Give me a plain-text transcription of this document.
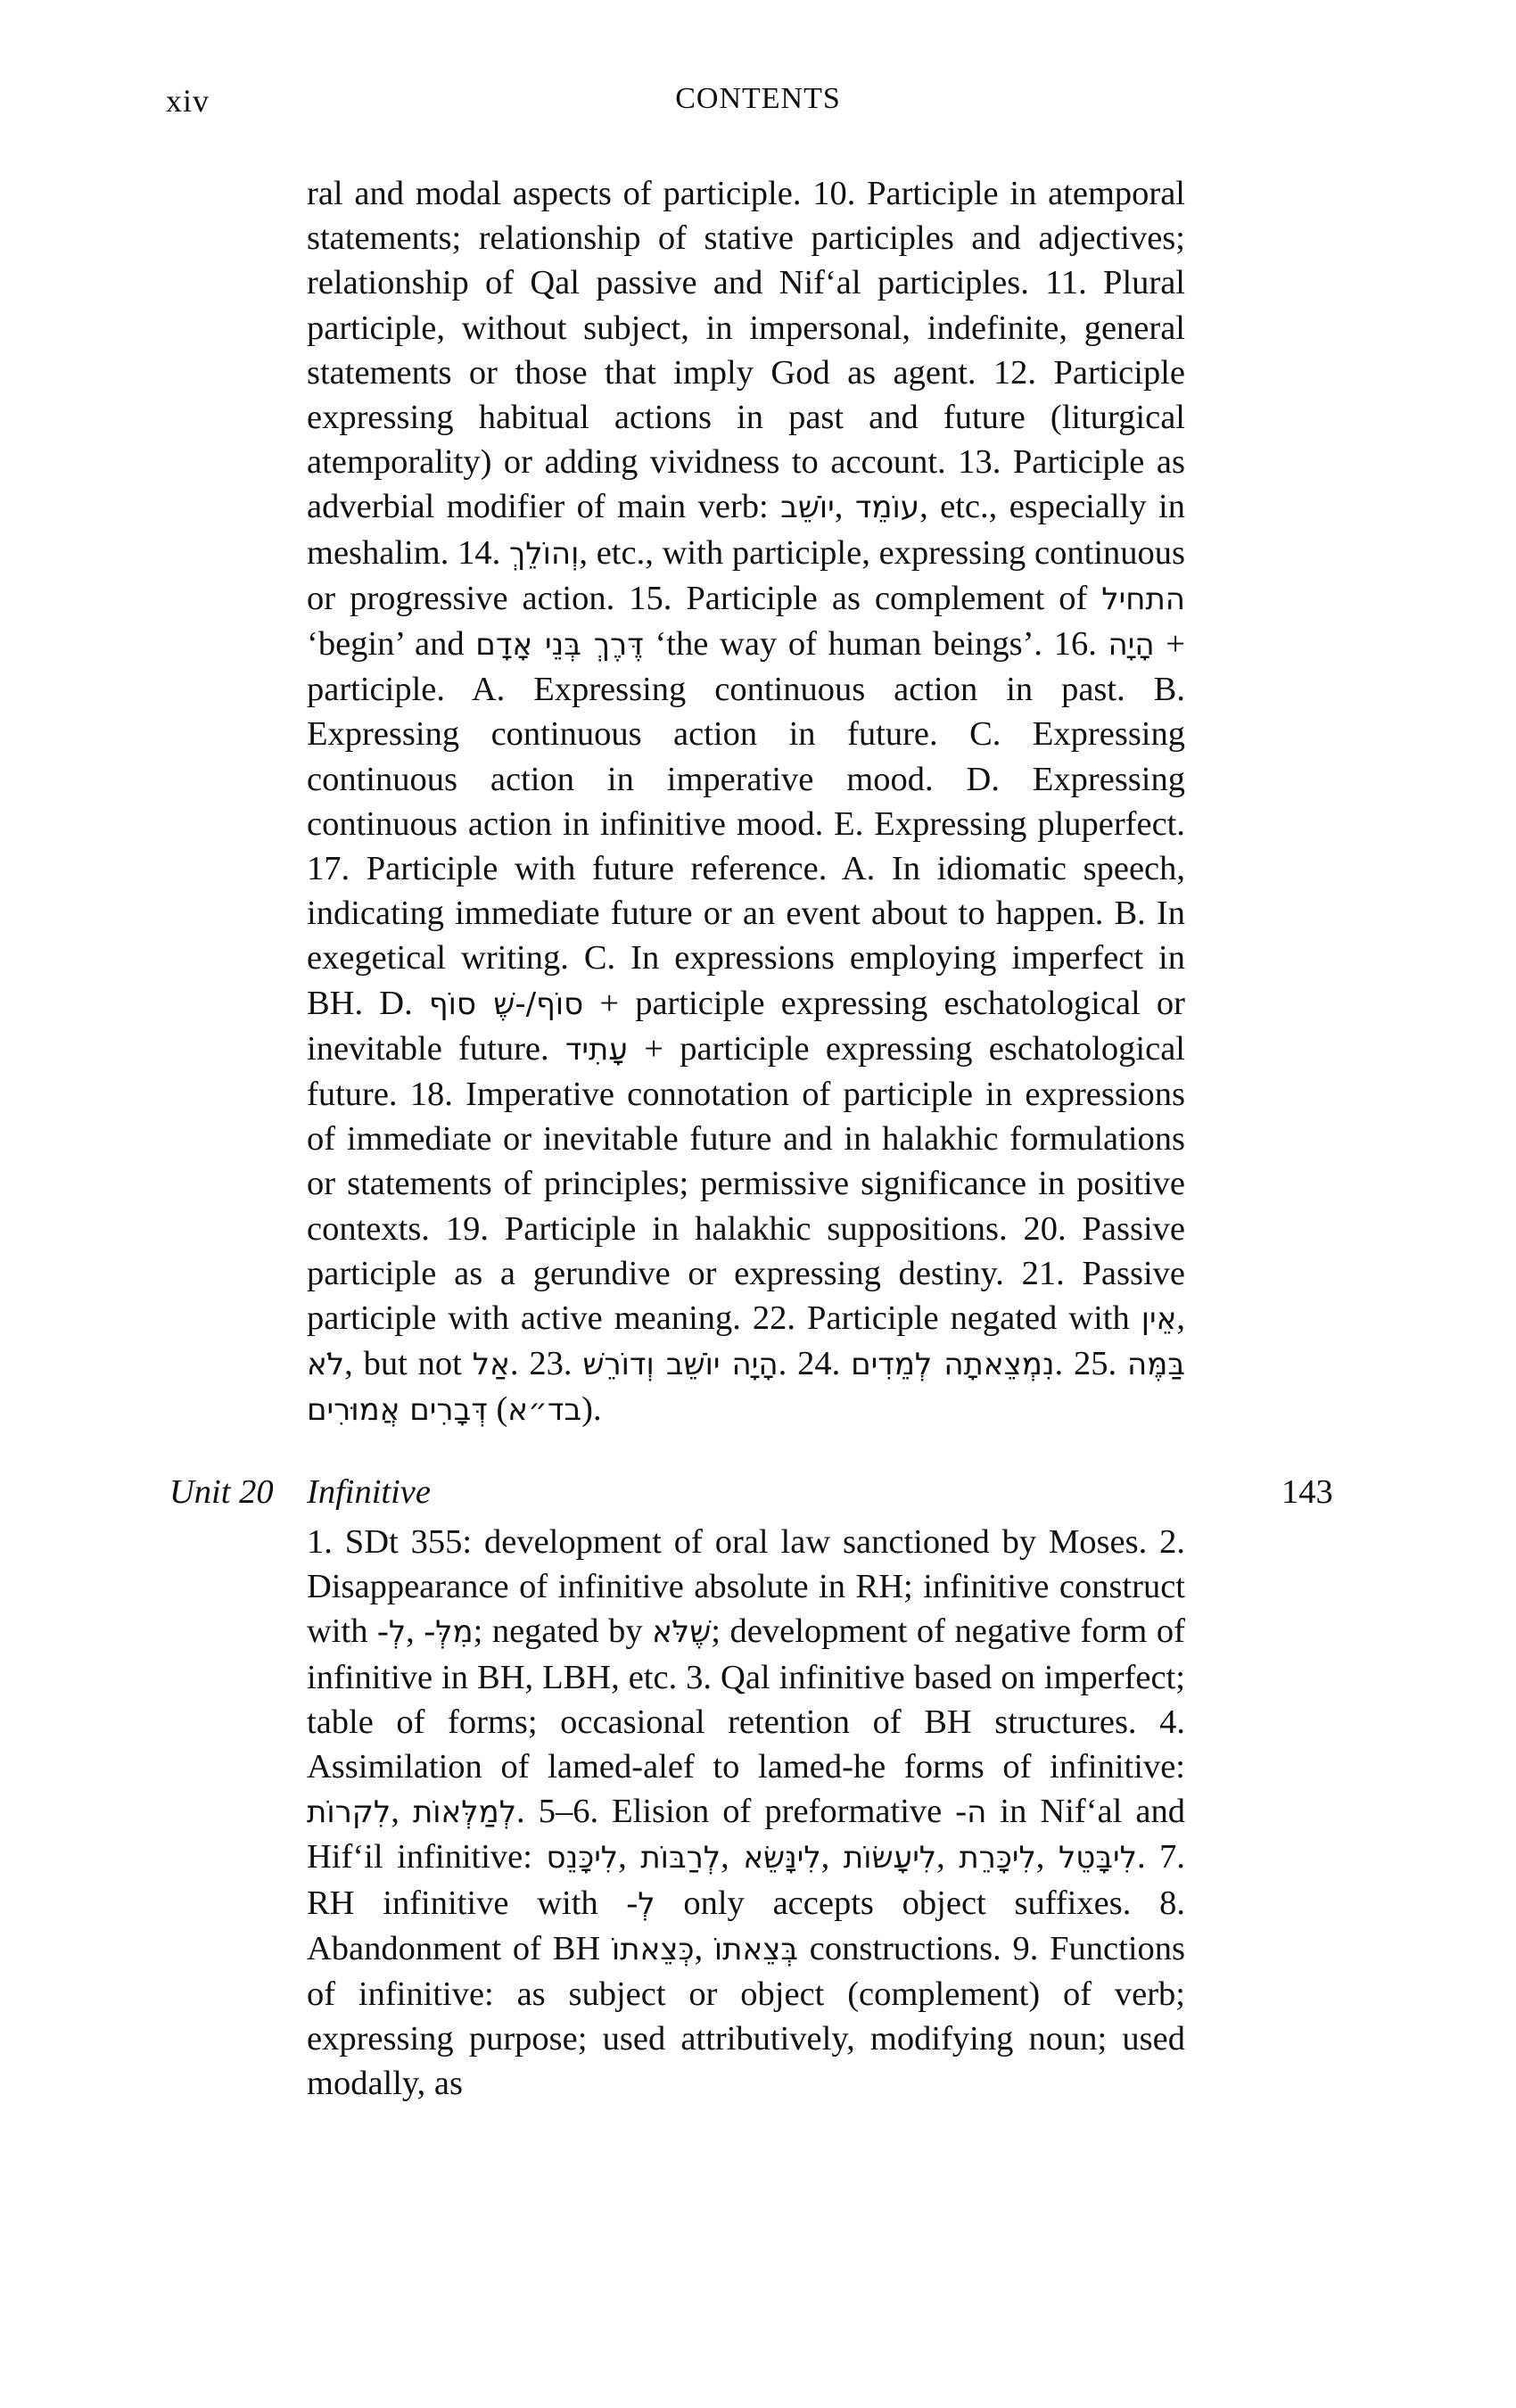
xiv	CONTENTS
ral and modal aspects of participle. 10. Participle in atemporal statements; relationship of stative participles and adjectives; relationship of Qal passive and Nif‘al participles. 11. Plural participle, without subject, in impersonal, indefinite, general statements or those that imply God as agent. 12. Participle expressing habitual actions in past and future (liturgical atemporality) or adding vividness to account. 13. Participle as adverbial modifier of main verb: יוֹשֵׁב, עוֹמֵד, etc., especially in meshalim. 14. וְהוֹלֵךְ, etc., with participle, expressing continuous or progressive action. 15. Participle as complement of התחיל ‘begin’ and דֶּרֶךְ בְּנֵי אָדָם ‘the way of human beings’. 16. הָיָה + participle. A. Expressing continuous action in past. B. Expressing continuous action in future. C. Expressing continuous action in imperative mood. D. Expressing continuous action in infinitive mood. E. Expressing pluperfect. 17. Participle with future reference. A. In idiomatic speech, indicating immediate future or an event about to happen. B. In exegetical writing. C. In expressions employing imperfect in BH. D. סוֹף/-שֶׁ סוֹף + participle expressing eschatological or inevitable future. עָתִיד + participle expressing eschatological future. 18. Imperative connotation of participle in expressions of immediate or inevitable future and in halakhic formulations or statements of principles; permissive significance in positive contexts. 19. Participle in halakhic suppositions. 20. Passive participle as a gerundive or expressing destiny. 21. Passive participle with active meaning. 22. Participle negated with אֵין, לֹא, but not אַל. 23. הָיָה יוֹשֵׁב וְדוֹרֵשׁ. 24. נִמְצֵאתָה לְמֵדִים. 25. בַּמֶּה דְּבָרִים אֲמוּרִים (בד״א).
Unit 20 Infinitive	143
1. SDt 355: development of oral law sanctioned by Moses. 2. Disappearance of infinitive absolute in RH; infinitive construct with -לְ, -מִלְּ; negated by שֶׁלֹּא; development of negative form of infinitive in BH, LBH, etc. 3. Qal infinitive based on imperfect; table of forms; occasional retention of BH structures. 4. Assimilation of lamed-alef to lamed-he forms of infinitive: לִקרוֹת, לְמַלְּאוֹת. 5–6. Elision of preformative -ה in Nif‘al and Hif‘il infinitive: לִיכָּנֵס, לְרַבּוֹת, לִינָּשֵׂא, לִיעָשׂוֹת, לִיכָּרֵת, לִיבָּטֵל. 7. RH infinitive with -לְ only accepts object suffixes. 8. Abandonment of BH כְּצֵאתוֹ, בְּצֵאתוֹ constructions. 9. Functions of infinitive: as subject or object (complement) of verb; expressing purpose; used attributively, modifying noun; used modally, as
